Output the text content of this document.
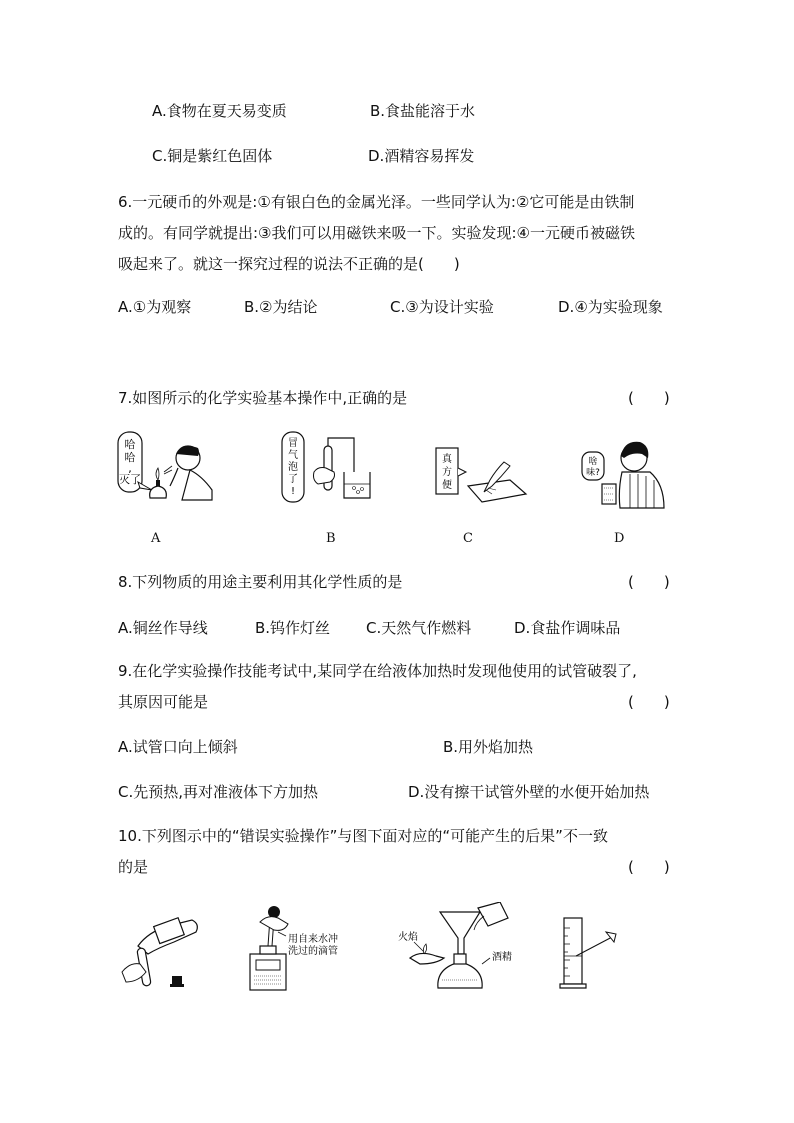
A.食物在夏天易变质	B.食盐能溶于水
C.铜是紫红色固体	D.酒精容易挥发
6.一元硬币的外观是:①有银白色的金属光泽。一些同学认为:②它可能是由铁制
成的。有同学就提出:③我们可以用磁铁来吸一下。实验发现:④一元硬币被磁铁
吸起来了。就这一探究过程的说法不正确的是(　　)
A.①为观察	B.②为结论	C.③为设计实验	D.④为实验现象
7.如图所示的化学实验基本操作中,正确的是	(　　)
哈
哈
,
灭了
冒
气
泡
了
!
真
方
便
啥
味?
A	B	C	D
8.下列物质的用途主要利用其化学性质的是	(　　)
A.铜丝作导线	B.钨作灯丝 C.天然气作燃料	D.食盐作调味品
9.在化学实验操作技能考试中,某同学在给液体加热时发现他使用的试管破裂了,
其原因可能是	(　　)
A.试管口向上倾斜	B.用外焰加热
C.先预热,再对准液体下方加热	D.没有擦干试管外壁的水便开始加热
10.下列图示中的“错误实验操作”与图下面对应的“可能产生的后果”不一致
的是	(　　)
用自来水冲
洗过的滴管
火焰
酒精
